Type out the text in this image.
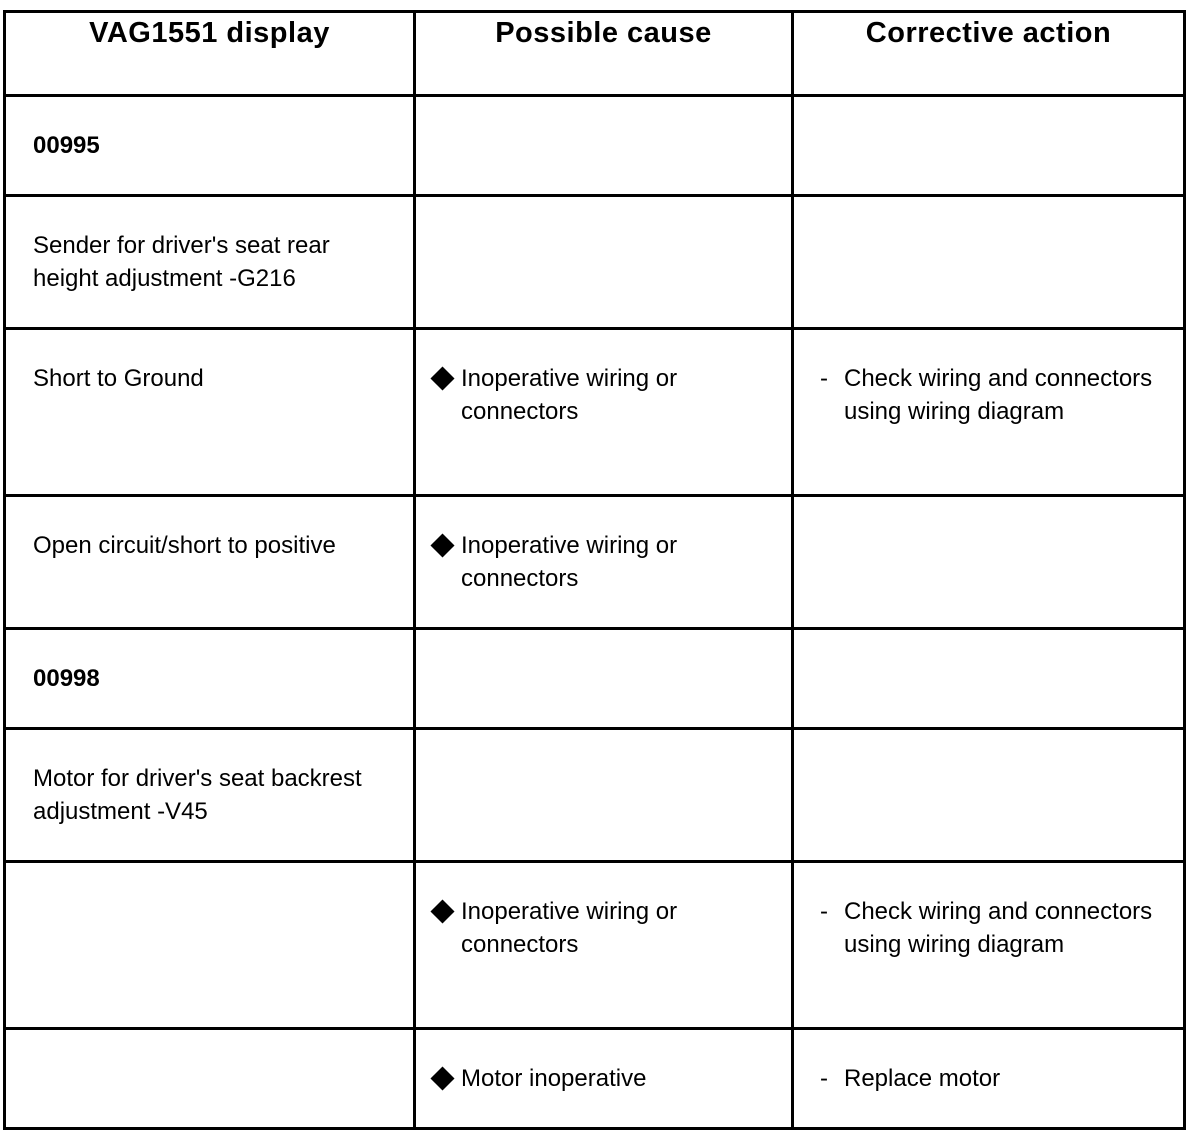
VAG1551 display	Possible cause	Corrective action

00995		

Sender for driver's seat rear height adjustment -G216		

Short to Ground	Inoperative wiring or connectors	- Check wiring and connectors using wiring diagram

Open circuit/short to positive	Inoperative wiring or connectors	

00998		

Motor for driver's seat backrest adjustment -V45		

	Inoperative wiring or connectors	- Check wiring and connectors using wiring diagram

	Motor inoperative	- Replace motor
